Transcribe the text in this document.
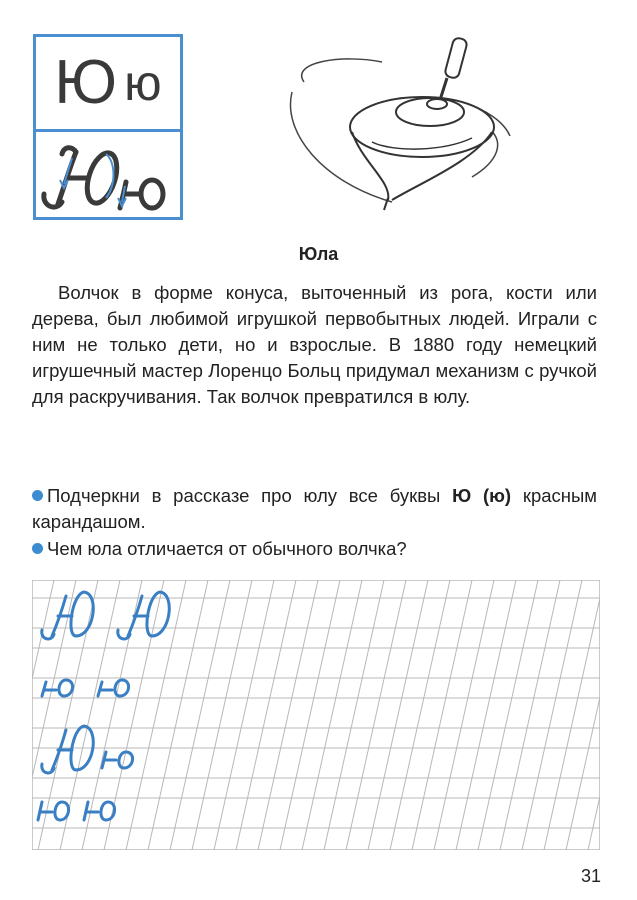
Ю ю
Юла
Волчок в форме конуса, выточенный из рога, кости или дерева, был любимой игрушкой первобытных людей. Играли с ним не только дети, но и взрослые. В 1880 году немецкий игрушечный мастер Лоренцо Больц придумал механизм с ручкой для раскручивания. Так волчок превратился в юлу.
Подчеркни в рассказе про юлу все буквы Ю (ю) красным карандашом.
Чем юла отличается от обычного волчка?
31
